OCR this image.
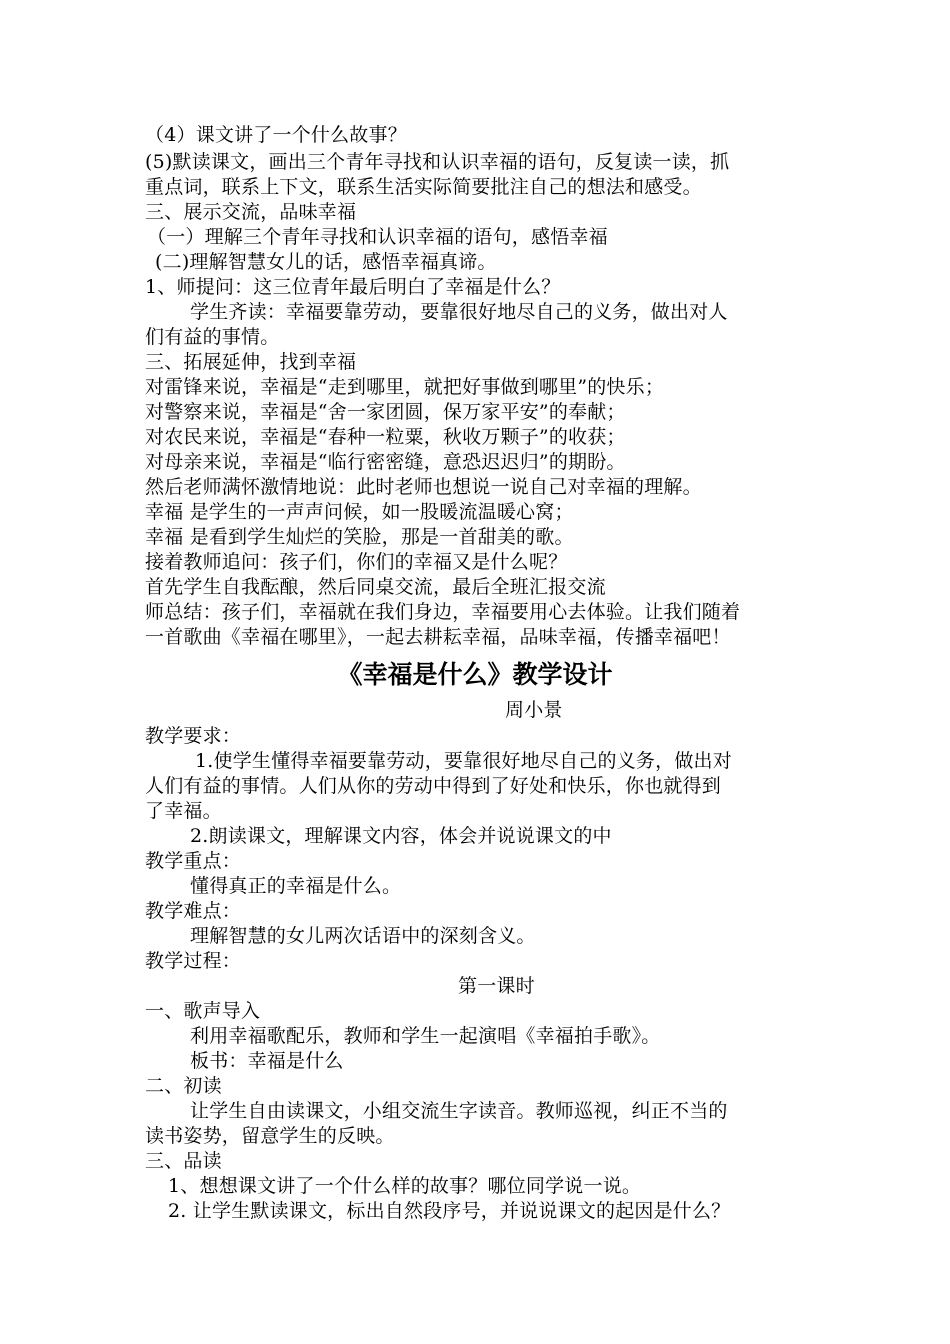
（4）课文讲了一个什么故事？
(5)默读课文，画出三个青年寻找和认识幸福的语句，反复读一读，抓
重点词，联系上下文，联系生活实际简要批注自己的想法和感受。
三、展示交流，品味幸福
（一）理解三个青年寻找和认识幸福的语句，感悟幸福
(二)理解智慧女儿的话，感悟幸福真谛。
1、师提问：这三位青年最后明白了幸福是什么？
学生齐读：幸福要靠劳动，要靠很好地尽自己的义务，做出对人
们有益的事情。
三、拓展延伸，找到幸福
对雷锋来说，幸福是“走到哪里，就把好事做到哪里”的快乐；
对警察来说，幸福是“舍一家团圆，保万家平安”的奉献；
对农民来说，幸福是“春种一粒粟，秋收万颗子”的收获；
对母亲来说，幸福是“临行密密缝，意恐迟迟归”的期盼。
然后老师满怀激情地说：此时老师也想说一说自己对幸福的理解。
幸福 是学生的一声声问候，如一股暖流温暖心窝；
幸福 是看到学生灿烂的笑脸，那是一首甜美的歌。
接着教师追问：孩子们，你们的幸福又是什么呢？
首先学生自我酝酿，然后同桌交流，最后全班汇报交流
师总结：孩子们，幸福就在我们身边，幸福要用心去体验。让我们随着
一首歌曲《幸福在哪里》，一起去耕耘幸福，品味幸福，传播幸福吧！
《幸福是什么》教学设计
周小景
教学要求：
1.使学生懂得幸福要靠劳动，要靠很好地尽自己的义务，做出对
人们有益的事情。人们从你的劳动中得到了好处和快乐，你也就得到
了幸福。
2.朗读课文，理解课文内容，体会并说说课文的中
教学重点：
懂得真正的幸福是什么。
教学难点：
理解智慧的女儿两次话语中的深刻含义。
教学过程：
第一课时
一、歌声导入
利用幸福歌配乐，教师和学生一起演唱《幸福拍手歌》。
板书：幸福是什么
二、初读
让学生自由读课文，小组交流生字读音。教师巡视，纠正不当的
读书姿势，留意学生的反映。
三、品读
1、想想课文讲了一个什么样的故事？哪位同学说一说。
2. 让学生默读课文，标出自然段序号，并说说课文的起因是什么？
